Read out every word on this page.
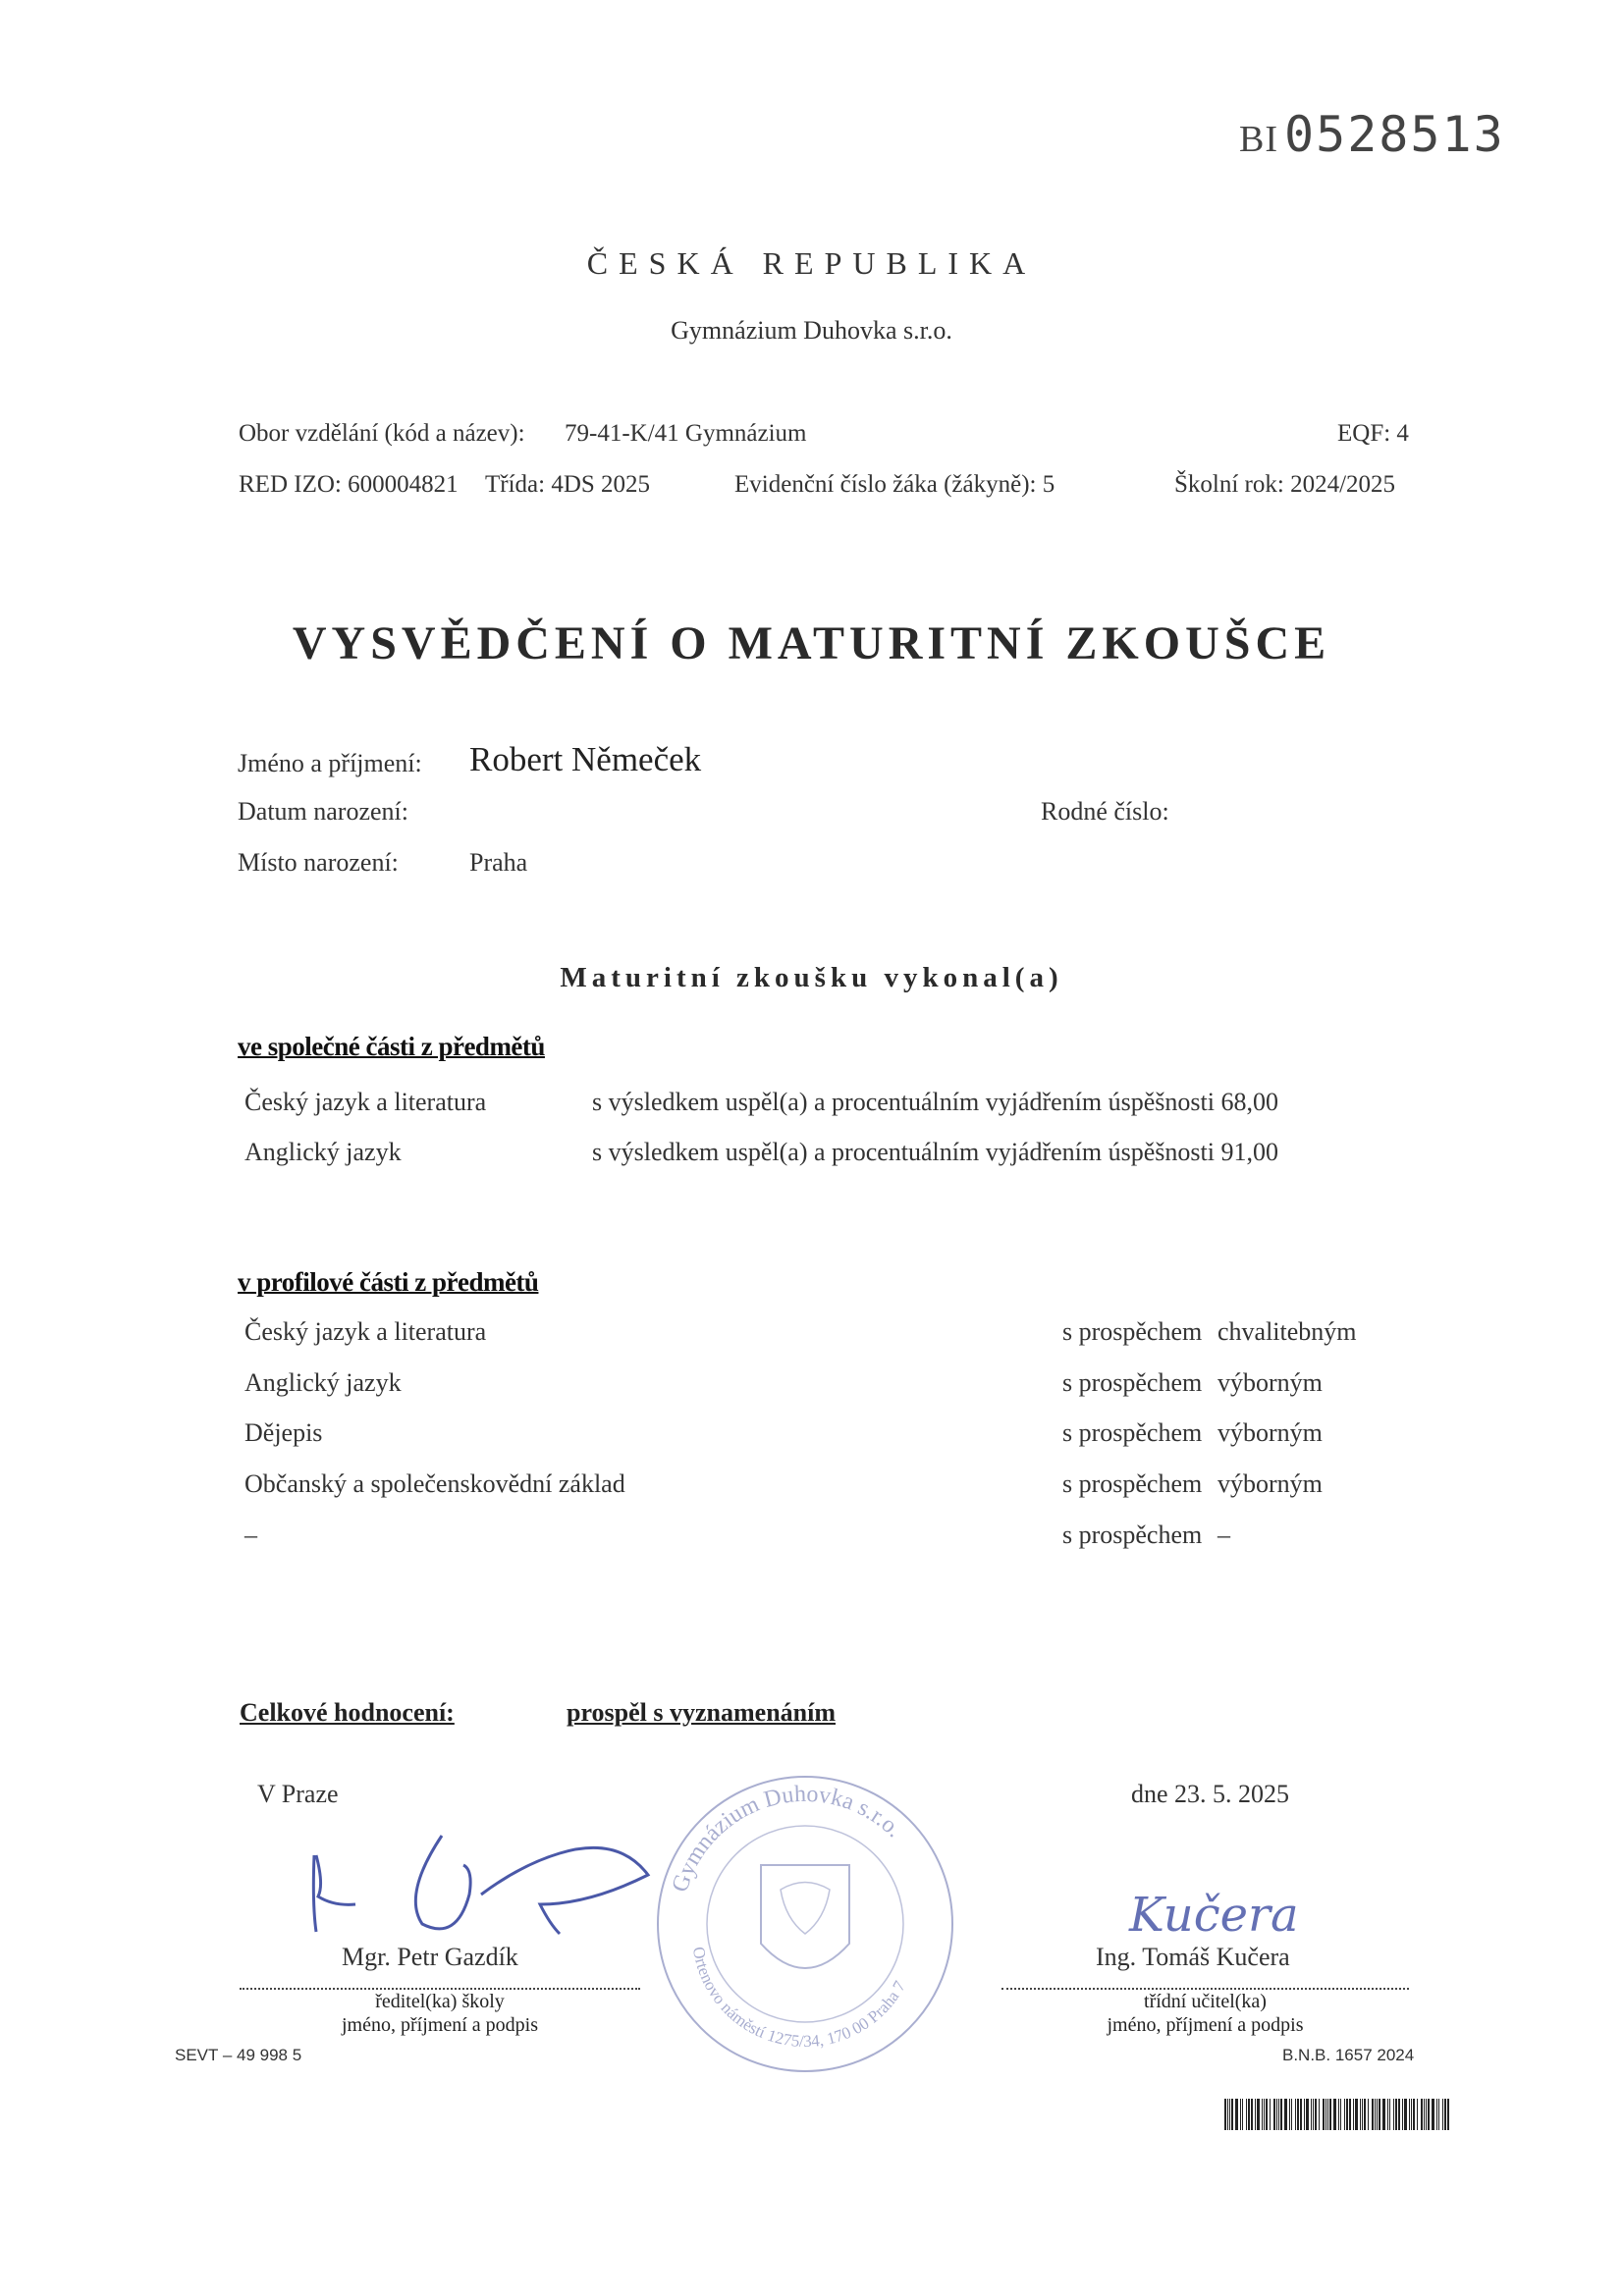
BI 0528513
ČESKÁ REPUBLIKA
Gymnázium Duhovka s.r.o.
Obor vzdělání (kód a název): 79-41-K/41 Gymnázium	EQF: 4
RED IZO: 600004821 Třída: 4DS 2025	Evidenční číslo žáka (žákyně): 5	Školní rok: 2024/2025
VYSVĚDČENÍ O MATURITNÍ ZKOUŠCE
Jméno a příjmení: Robert Němeček
Datum narození:	Rodné číslo:
Místo narození:	Praha
Maturitní zkoušku vykonal(a)
ve společné části z předmětů
Český jazyk a literatura	s výsledkem uspěl(a) a procentuálním vyjádřením úspěšnosti 68,00
Anglický jazyk	s výsledkem uspěl(a) a procentuálním vyjádřením úspěšnosti 91,00
v profilové části z předmětů
Český jazyk a literatura	s prospěchem chvalitebným
Anglický jazyk	s prospěchem výborným
Dějepis	s prospěchem výborným
Občanský a společenskovědní základ	s prospěchem výborným
–	s prospěchem –
Celkové hodnocení:	prospěl s vyznamenáním
V Praze	dne 23. 5. 2025
Mgr. Petr Gazdík
ředitel(ka) školy
jméno, příjmení a podpis
Gymnázium Duhovka s.r.o.
Ortenovo náměstí 1275/34, 170 00 Praha 7
Kučera
Ing. Tomáš Kučera
třídní učitel(ka)
jméno, příjmení a podpis
SEVT – 49 998 5	B.N.B. 1657 2024
